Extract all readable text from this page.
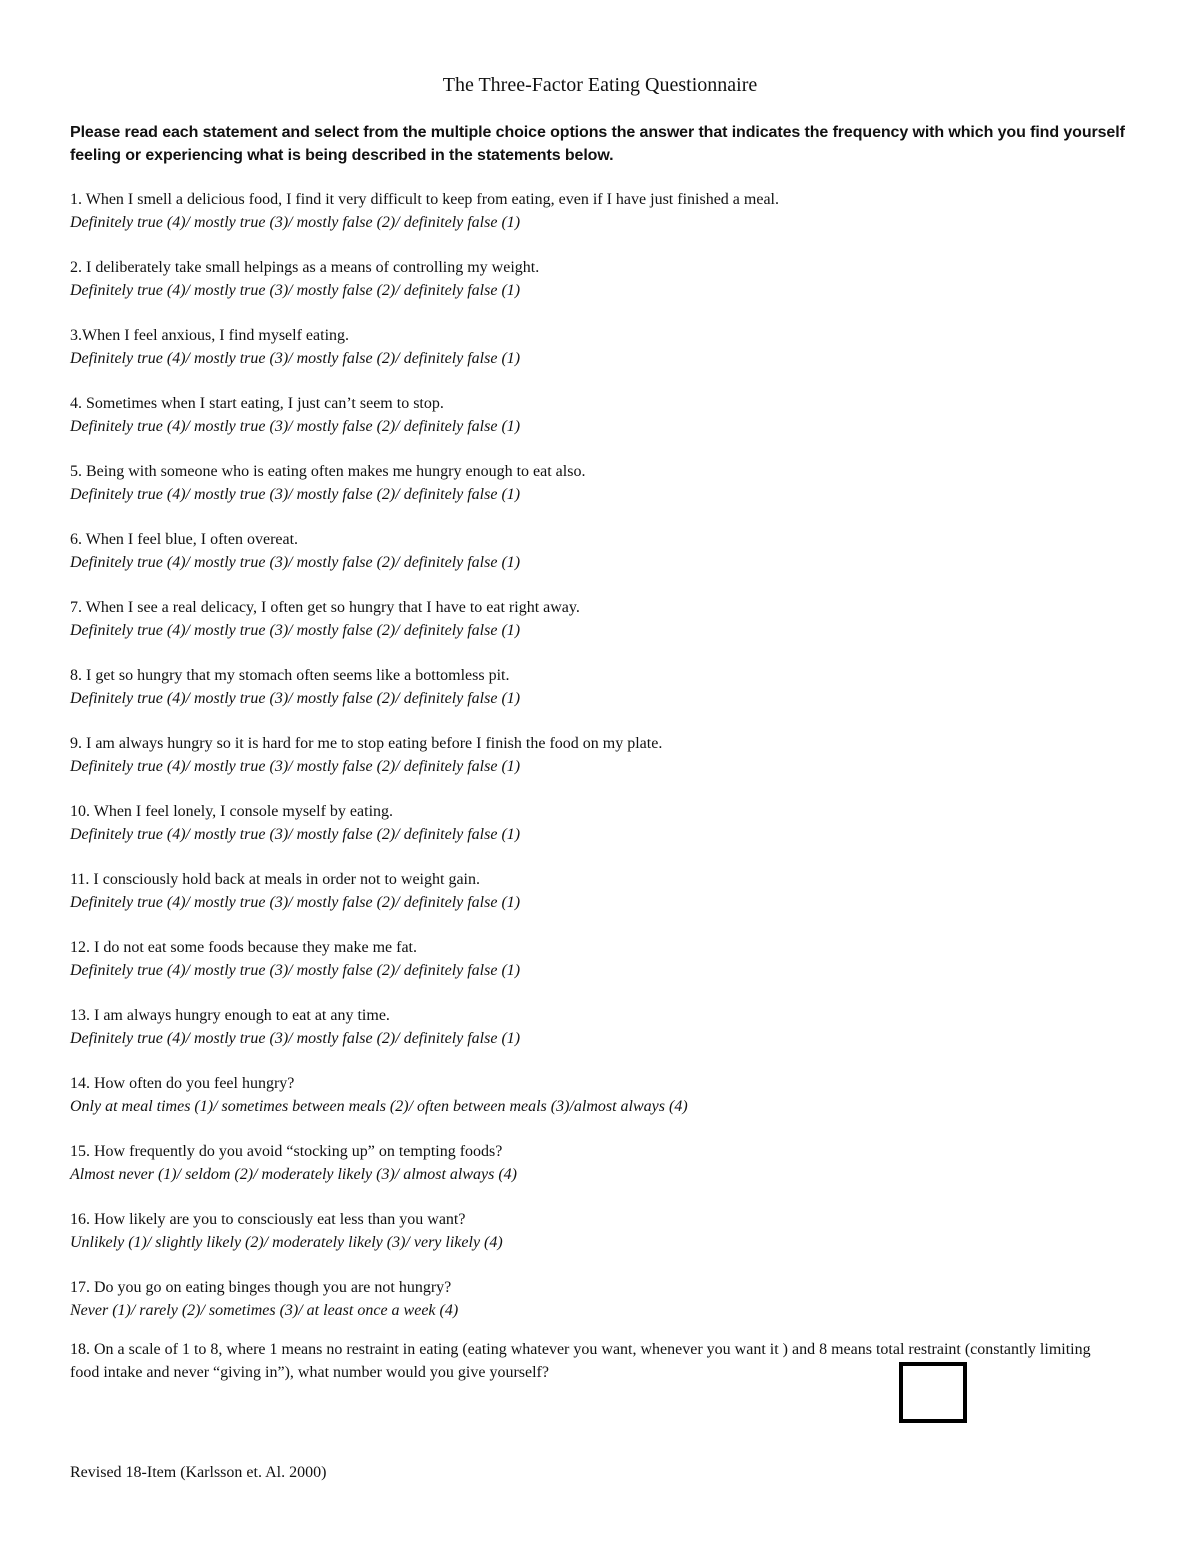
The Three-Factor Eating Questionnaire
Please read each statement and select from the multiple choice options the answer that indicates the frequency with which you find yourself feeling or experiencing what is being described in the statements below.
1. When I smell a delicious food, I find it very difficult to keep from eating, even if I have just finished a meal.
Definitely true (4)/ mostly true (3)/ mostly false (2)/ definitely false (1)
2. I deliberately take small helpings as a means of controlling my weight.
Definitely true (4)/ mostly true (3)/ mostly false (2)/ definitely false (1)
3.When I feel anxious, I find myself eating.
Definitely true (4)/ mostly true (3)/ mostly false (2)/ definitely false (1)
4. Sometimes when I start eating, I just can’t seem to stop.
Definitely true (4)/ mostly true (3)/ mostly false (2)/ definitely false (1)
5. Being with someone who is eating often makes me hungry enough to eat also.
Definitely true (4)/ mostly true (3)/ mostly false (2)/ definitely false (1)
6. When I feel blue, I often overeat.
Definitely true (4)/ mostly true (3)/ mostly false (2)/ definitely false (1)
7. When I see a real delicacy, I often get so hungry that I have to eat right away.
Definitely true (4)/ mostly true (3)/ mostly false (2)/ definitely false (1)
8. I get so hungry that my stomach often seems like a bottomless pit.
Definitely true (4)/ mostly true (3)/ mostly false (2)/ definitely false (1)
9. I am always hungry so it is hard for me to stop eating before I finish the food on my plate.
Definitely true (4)/ mostly true (3)/ mostly false (2)/ definitely false (1)
10. When I feel lonely, I console myself by eating.
Definitely true (4)/ mostly true (3)/ mostly false (2)/ definitely false (1)
11. I consciously hold back at meals in order not to weight gain.
Definitely true (4)/ mostly true (3)/ mostly false (2)/ definitely false (1)
12. I do not eat some foods because they make me fat.
Definitely true (4)/ mostly true (3)/ mostly false (2)/ definitely false (1)
13. I am always hungry enough to eat at any time.
Definitely true (4)/ mostly true (3)/ mostly false (2)/ definitely false (1)
14. How often do you feel hungry?
Only at meal times (1)/ sometimes between meals (2)/ often between meals (3)/almost always (4)
15. How frequently do you avoid “stocking up” on tempting foods?
Almost never (1)/ seldom (2)/ moderately likely (3)/ almost always (4)
16. How likely are you to consciously eat less than you want?
Unlikely (1)/ slightly likely (2)/ moderately likely (3)/ very likely (4)
17. Do you go on eating binges though you are not hungry?
Never (1)/ rarely (2)/ sometimes (3)/ at least once a week (4)
18. On a scale of 1 to 8, where 1 means no restraint in eating (eating whatever you want, whenever you want it ) and 8 means total restraint (constantly limiting food intake and never “giving in”), what number would you give yourself?
Revised 18-Item (Karlsson et. Al. 2000)
